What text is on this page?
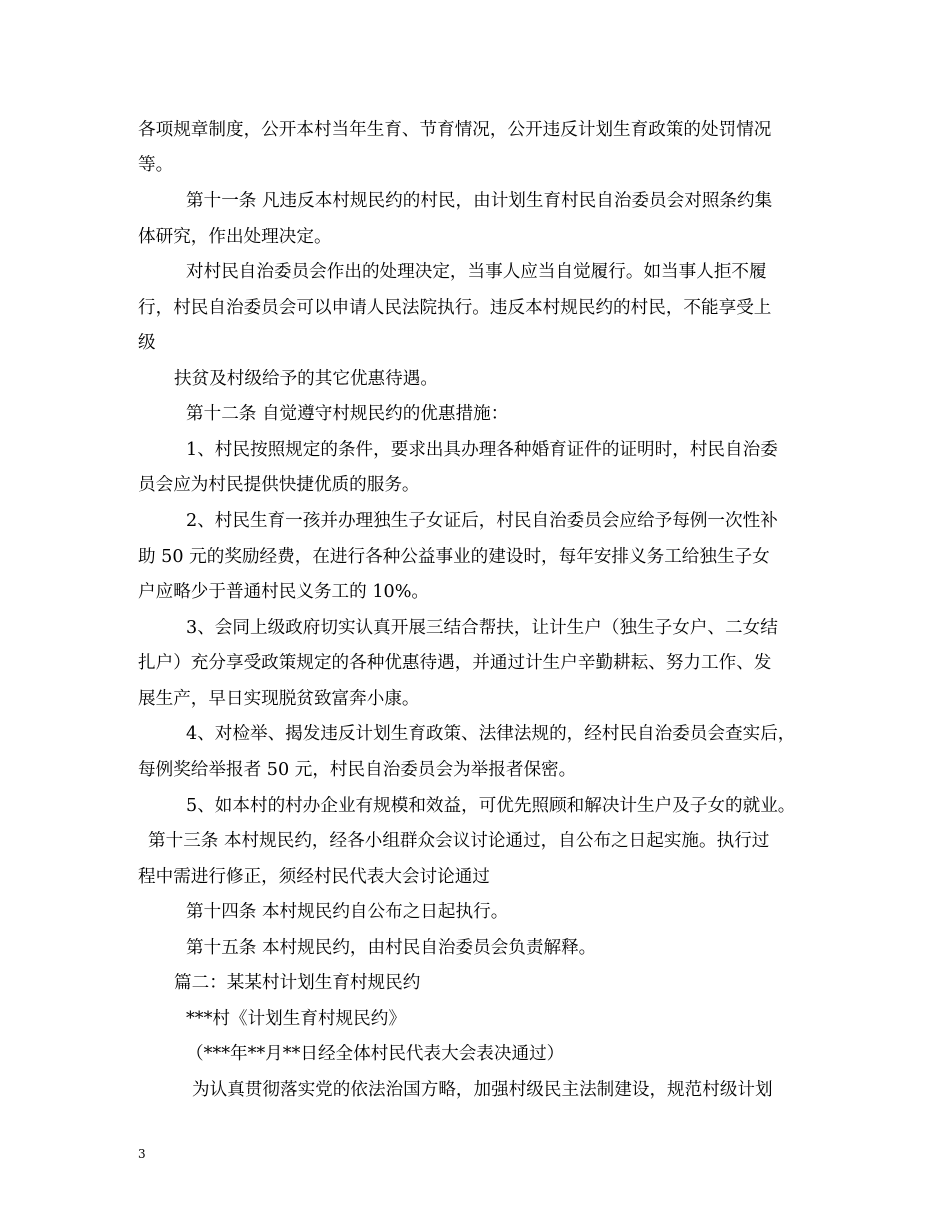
各项规章制度，公开本村当年生育、节育情况，公开违反计划生育政策的处罚情况
等。
第十一条 凡违反本村规民约的村民，由计划生育村民自治委员会对照条约集
体研究，作出处理决定。
对村民自治委员会作出的处理决定，当事人应当自觉履行。如当事人拒不履
行，村民自治委员会可以申请人民法院执行。违反本村规民约的村民，不能享受上
级
扶贫及村级给予的其它优惠待遇。
第十二条 自觉遵守村规民约的优惠措施：
1、村民按照规定的条件，要求出具办理各种婚育证件的证明时，村民自治委
员会应为村民提供快捷优质的服务。
2、村民生育一孩并办理独生子女证后，村民自治委员会应给予每例一次性补
助 50 元的奖励经费，在进行各种公益事业的建设时，每年安排义务工给独生子女
户应略少于普通村民义务工的 10%。
3、会同上级政府切实认真开展三结合帮扶，让计生户（独生子女户、二女结
扎户）充分享受政策规定的各种优惠待遇，并通过计生户辛勤耕耘、努力工作、发
展生产，早日实现脱贫致富奔小康。
4、对检举、揭发违反计划生育政策、法律法规的，经村民自治委员会查实后，
每例奖给举报者 50 元，村民自治委员会为举报者保密。
5、如本村的村办企业有规模和效益，可优先照顾和解决计生户及子女的就业。
第十三条 本村规民约，经各小组群众会议讨论通过，自公布之日起实施。执行过
程中需进行修正，须经村民代表大会讨论通过
第十四条 本村规民约自公布之日起执行。
第十五条 本村规民约，由村民自治委员会负责解释。
篇二：某某村计划生育村规民约
***村《计划生育村规民约》
（***年**月**日经全体村民代表大会表决通过）
为认真贯彻落实党的依法治国方略，加强村级民主法制建设，规范村级计划
3
